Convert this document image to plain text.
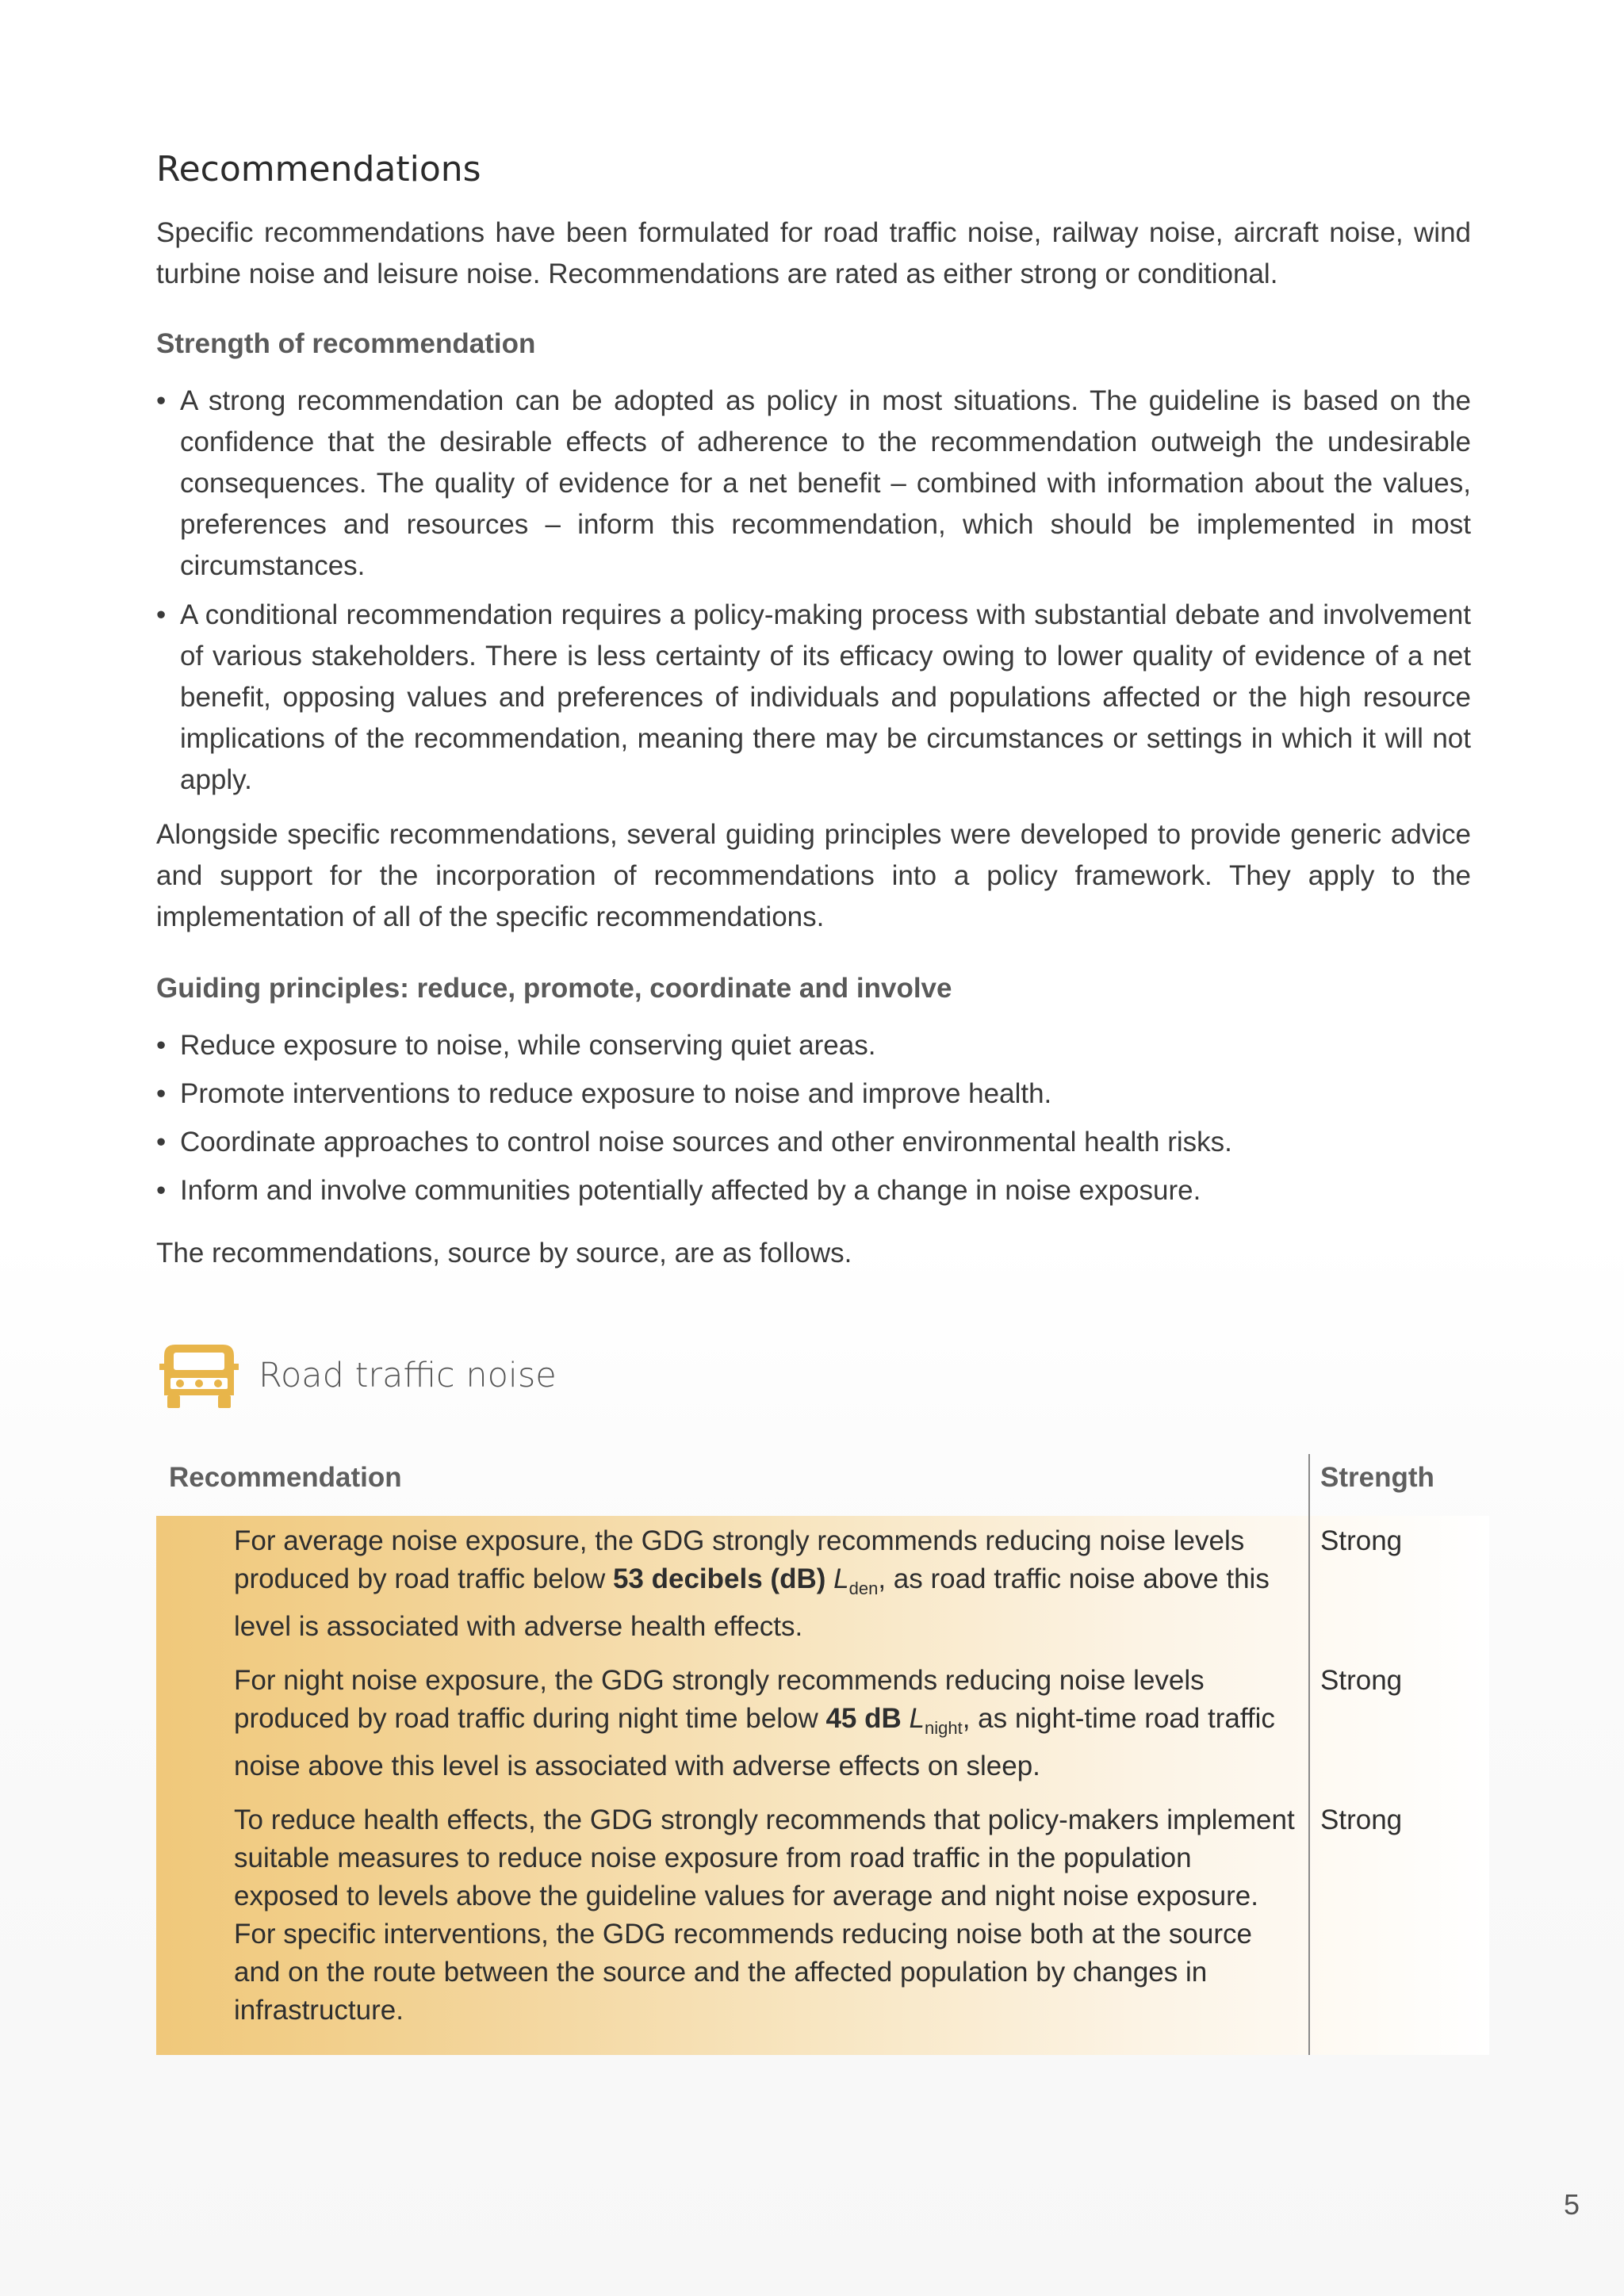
Recommendations

Specific recommendations have been formulated for road traffic noise, railway noise, aircraft noise, wind turbine noise and leisure noise. Recommendations are rated as either strong or conditional.

Strength of recommendation
• A strong recommendation can be adopted as policy in most situations. The guideline is based on the confidence that the desirable effects of adherence to the recommendation outweigh the undesirable consequences. The quality of evidence for a net benefit – combined with information about the values, preferences and resources – inform this recommendation, which should be implemented in most circumstances.
• A conditional recommendation requires a policy-making process with substantial debate and involvement of various stakeholders. There is less certainty of its efficacy owing to lower quality of evidence of a net benefit, opposing values and preferences of individuals and populations affected or the high resource implications of the recommendation, meaning there may be circumstances or settings in which it will not apply.

Alongside specific recommendations, several guiding principles were developed to provide generic advice and support for the incorporation of recommendations into a policy framework. They apply to the implementation of all of the specific recommendations.

Guiding principles: reduce, promote, coordinate and involve
• Reduce exposure to noise, while conserving quiet areas.
• Promote interventions to reduce exposure to noise and improve health.
• Coordinate approaches to control noise sources and other environmental health risks.
• Inform and involve communities potentially affected by a change in noise exposure.

The recommendations, source by source, are as follows.

Road traffic noise
Recommendation	Strength
For average noise exposure, the GDG strongly recommends reducing noise levels produced by road traffic below 53 decibels (dB) $L_{den}$, as road traffic noise above this level is associated with adverse health effects.
Strong
For night noise exposure, the GDG strongly recommends reducing noise levels produced by road traffic during night time below 45 dB $L_{night}$, as night-time road traffic noise above this level is associated with adverse effects on sleep.
Strong
To reduce health effects, the GDG strongly recommends that policy-makers implement suitable measures to reduce noise exposure from road traffic in the population exposed to levels above the guideline values for average and night noise exposure. For specific interventions, the GDG recommends reducing noise both at the source and on the route between the source and the affected population by changes in infrastructure.
Strong
5
